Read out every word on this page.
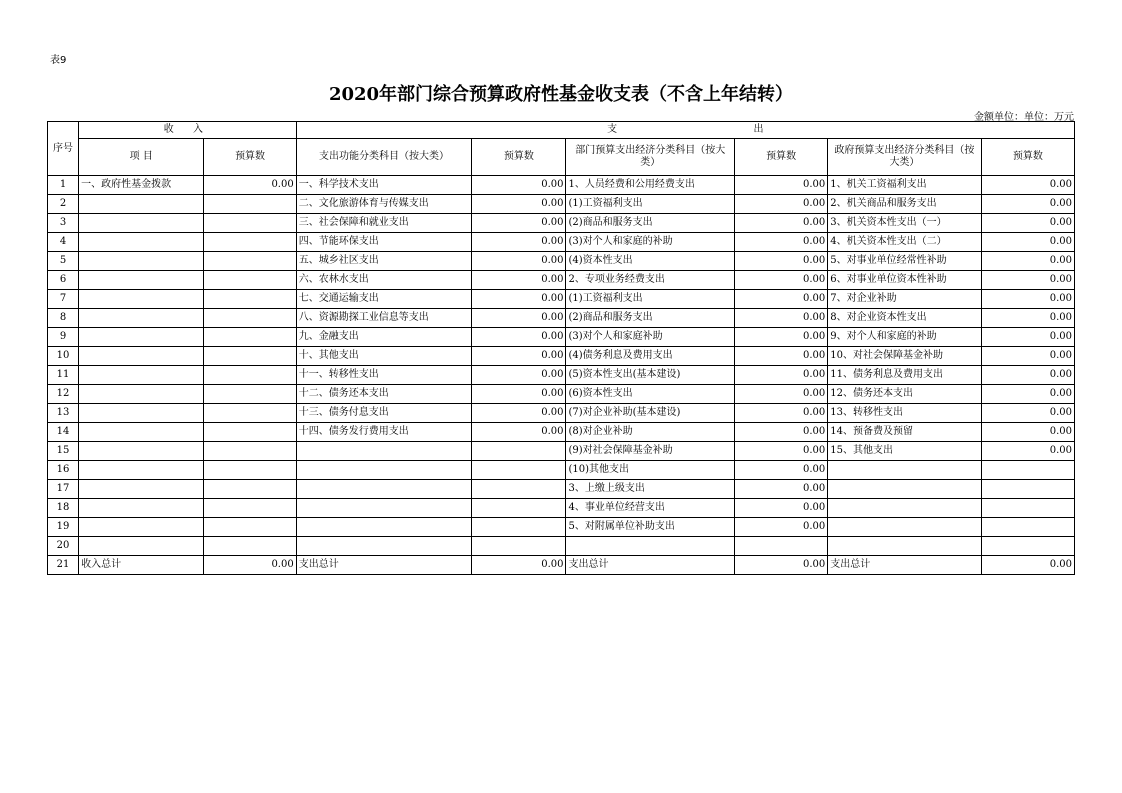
表9
2020年部门综合预算政府性基金收支表（不含上年结转）
金额单位：单位：万元
序号	收 入		支 出					
	项 目	预算数	支出功能分类科目（按大类）	预算数	部门预算支出经济分类科目（按大类）	预算数	政府预算支出经济分类科目（按大类）	预算数
1	一、政府性基金拨款	0.00	一、科学技术支出	0.00	1、人员经费和公用经费支出	0.00	1、机关工资福利支出	0.00
2			二、文化旅游体育与传媒支出	0.00	(1)工资福利支出	0.00	2、机关商品和服务支出	0.00
3			三、社会保障和就业支出	0.00	(2)商品和服务支出	0.00	3、机关资本性支出（一）	0.00
4			四、节能环保支出	0.00	(3)对个人和家庭的补助	0.00	4、机关资本性支出（二）	0.00
5			五、城乡社区支出	0.00	(4)资本性支出	0.00	5、对事业单位经常性补助	0.00
6			六、农林水支出	0.00	2、专项业务经费支出	0.00	6、对事业单位资本性补助	0.00
7			七、交通运输支出	0.00	(1)工资福利支出	0.00	7、对企业补助	0.00
8			八、资源勘探工业信息等支出	0.00	(2)商品和服务支出	0.00	8、对企业资本性支出	0.00
9			九、金融支出	0.00	(3)对个人和家庭补助	0.00	9、对个人和家庭的补助	0.00
10			十、其他支出	0.00	(4)债务利息及费用支出	0.00	10、对社会保障基金补助	0.00
11			十一、转移性支出	0.00	(5)资本性支出(基本建设)	0.00	11、债务利息及费用支出	0.00
12			十二、债务还本支出	0.00	(6)资本性支出	0.00	12、债务还本支出	0.00
13			十三、债务付息支出	0.00	(7)对企业补助(基本建设)	0.00	13、转移性支出	0.00
14			十四、债务发行费用支出	0.00	(8)对企业补助	0.00	14、预备费及预留	0.00
15					(9)对社会保障基金补助	0.00	15、其他支出	0.00
16					(10)其他支出	0.00		
17					3、上缴上级支出	0.00		
18					4、事业单位经营支出	0.00		
19					5、对附属单位补助支出	0.00		
20								
21	收入总计	0.00	支出总计	0.00	支出总计	0.00	支出总计	0.00
